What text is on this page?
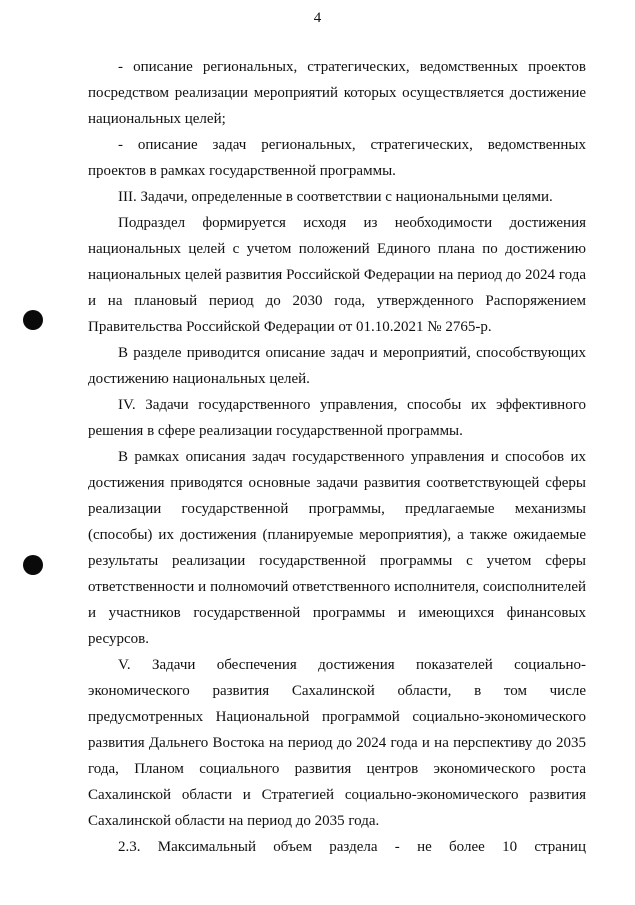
4
- описание региональных, стратегических, ведомственных проектов
посредством реализации мероприятий которых осуществляется достижение
национальных целей;
- описание задач региональных, стратегических, ведомственных
проектов в рамках государственной программы.
III. Задачи, определенные в соответствии с национальными целями.
Подраздел формируется исходя из необходимости достижения
национальных целей с учетом положений Единого плана по достижению
национальных целей развития Российской Федерации на период до 2024 года
и на плановый период до 2030 года, утвержденного Распоряжением
Правительства Российской Федерации от 01.10.2021 № 2765-р.
В разделе приводится описание задач и мероприятий, способствующих
достижению национальных целей.
IV. Задачи государственного управления, способы их эффективного
решения в сфере реализации государственной программы.
В рамках описания задач государственного управления и способов их
достижения приводятся основные задачи развития соответствующей сферы
реализации государственной программы, предлагаемые механизмы
(способы) их достижения (планируемые мероприятия), а также ожидаемые
результаты реализации государственной программы с учетом сферы
ответственности и полномочий ответственного исполнителя, соисполнителей
и участников государственной программы и имеющихся финансовых
ресурсов.
V. Задачи обеспечения достижения показателей социально-
экономического развития Сахалинской области, в том числе
предусмотренных Национальной программой социально-экономического
развития Дальнего Востока на период до 2024 года и на перспективу до 2035
года, Планом социального развития центров экономического роста
Сахалинской области и Стратегией социально-экономического развития
Сахалинской области на период до 2035 года.
2.3. Максимальный объем раздела - не более 10 страниц
